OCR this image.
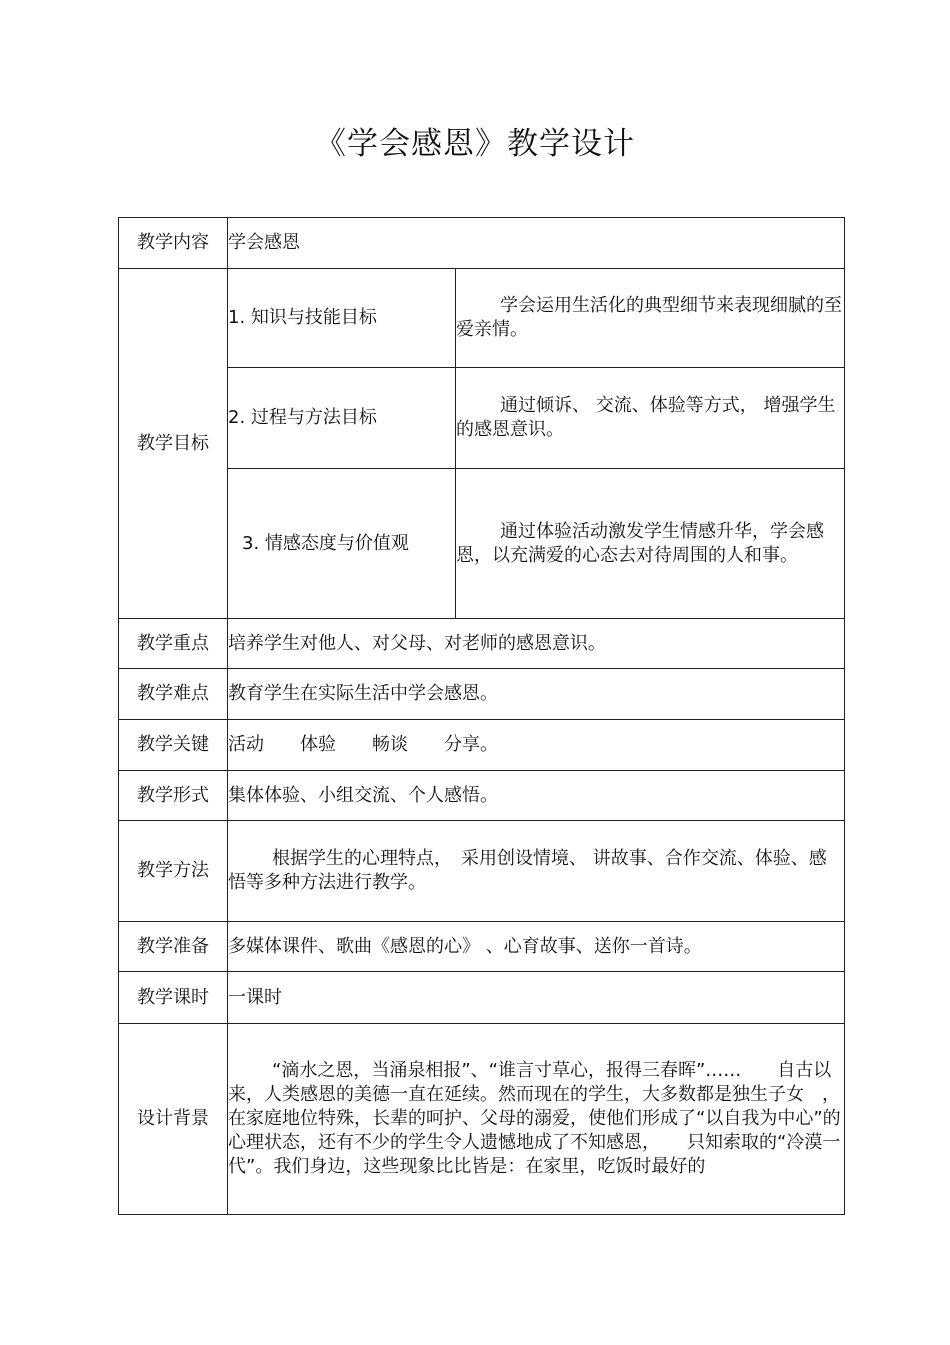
《学会感恩》教学设计
教学内容	学会感恩	
教学目标	1. 知识与技能目标	学会运用生活化的典型细节来表现细腻的至爱亲情。
	2. 过程与方法目标	通过倾诉、 交流、体验等方式， 增强学生的感恩意识。
	3. 情感态度与价值观	通过体验活动激发学生情感升华，学会感恩，以充满爱的心态去对待周围的人和事。
教学重点	培养学生对他人、对父母、对老师的感恩意识。	
教学难点	教育学生在实际生活中学会感恩。	
教学关键	活动　　体验　　畅谈　　分享。	
教学形式	集体体验、小组交流、个人感悟。	
教学方法	根据学生的心理特点，　采用创设情境、 讲故事、合作交流、体验、感悟等多种方法进行教学。	
教学准备	多媒体课件、歌曲《感恩的心》 、心育故事、送你一首诗。	
教学课时	一课时	
设计背景	“滴水之恩，当涌泉相报”、“谁言寸草心，报得三春晖”……　　自古以来，人类感恩的美德一直在延续。然而现在的学生，大多数都是独生子女　，在家庭地位特殊，长辈的呵护、父母的溺爱，使他们形成了“以自我为中心”的心理状态，还有不少的学生令人遗憾地成了不知感恩，　　只知索取的“冷漠一代”。我们身边，这些现象比比皆是：在家里，吃饭时最好的	
